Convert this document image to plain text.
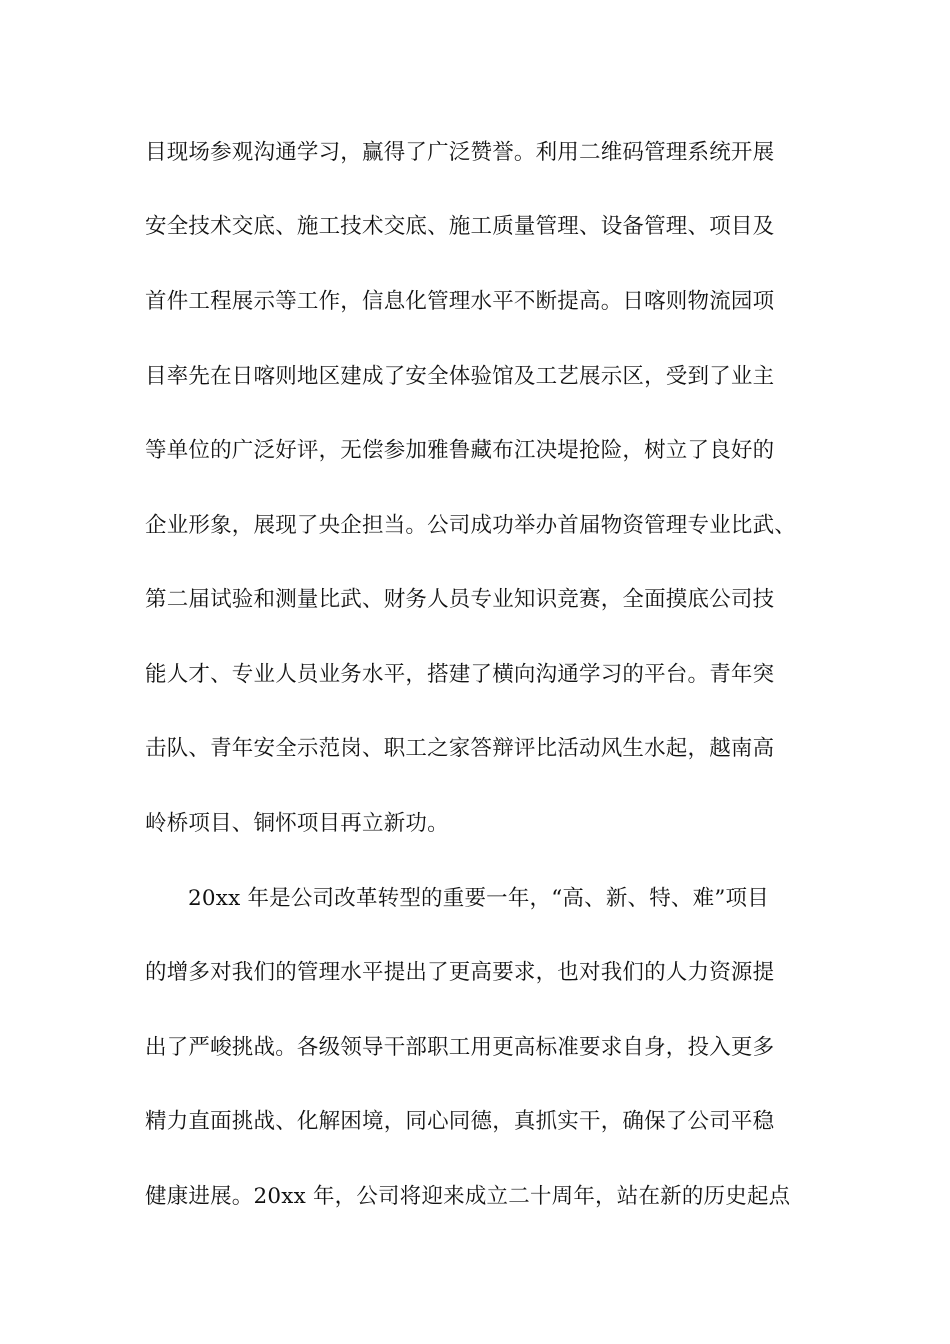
目现场参观沟通学习，赢得了广泛赞誉。利用二维码管理系统开展
安全技术交底、施工技术交底、施工质量管理、设备管理、项目及
首件工程展示等工作，信息化管理水平不断提高。日喀则物流园项
目率先在日喀则地区建成了安全体验馆及工艺展示区，受到了业主
等单位的广泛好评，无偿参加雅鲁藏布江决堤抢险，树立了良好的
企业形象，展现了央企担当。公司成功举办首届物资管理专业比武、
第二届试验和测量比武、财务人员专业知识竞赛，全面摸底公司技
能人才、专业人员业务水平，搭建了横向沟通学习的平台。青年突
击队、青年安全示范岗、职工之家答辩评比活动风生水起，越南高
岭桥项目、铜怀项目再立新功。
20xx 年是公司改革转型的重要一年，“高、新、特、难”项目
的增多对我们的管理水平提出了更高要求，也对我们的人力资源提
出了严峻挑战。各级领导干部职工用更高标准要求自身，投入更多
精力直面挑战、化解困境，同心同德，真抓实干，确保了公司平稳
健康进展。20xx 年，公司将迎来成立二十周年，站在新的历史起点
